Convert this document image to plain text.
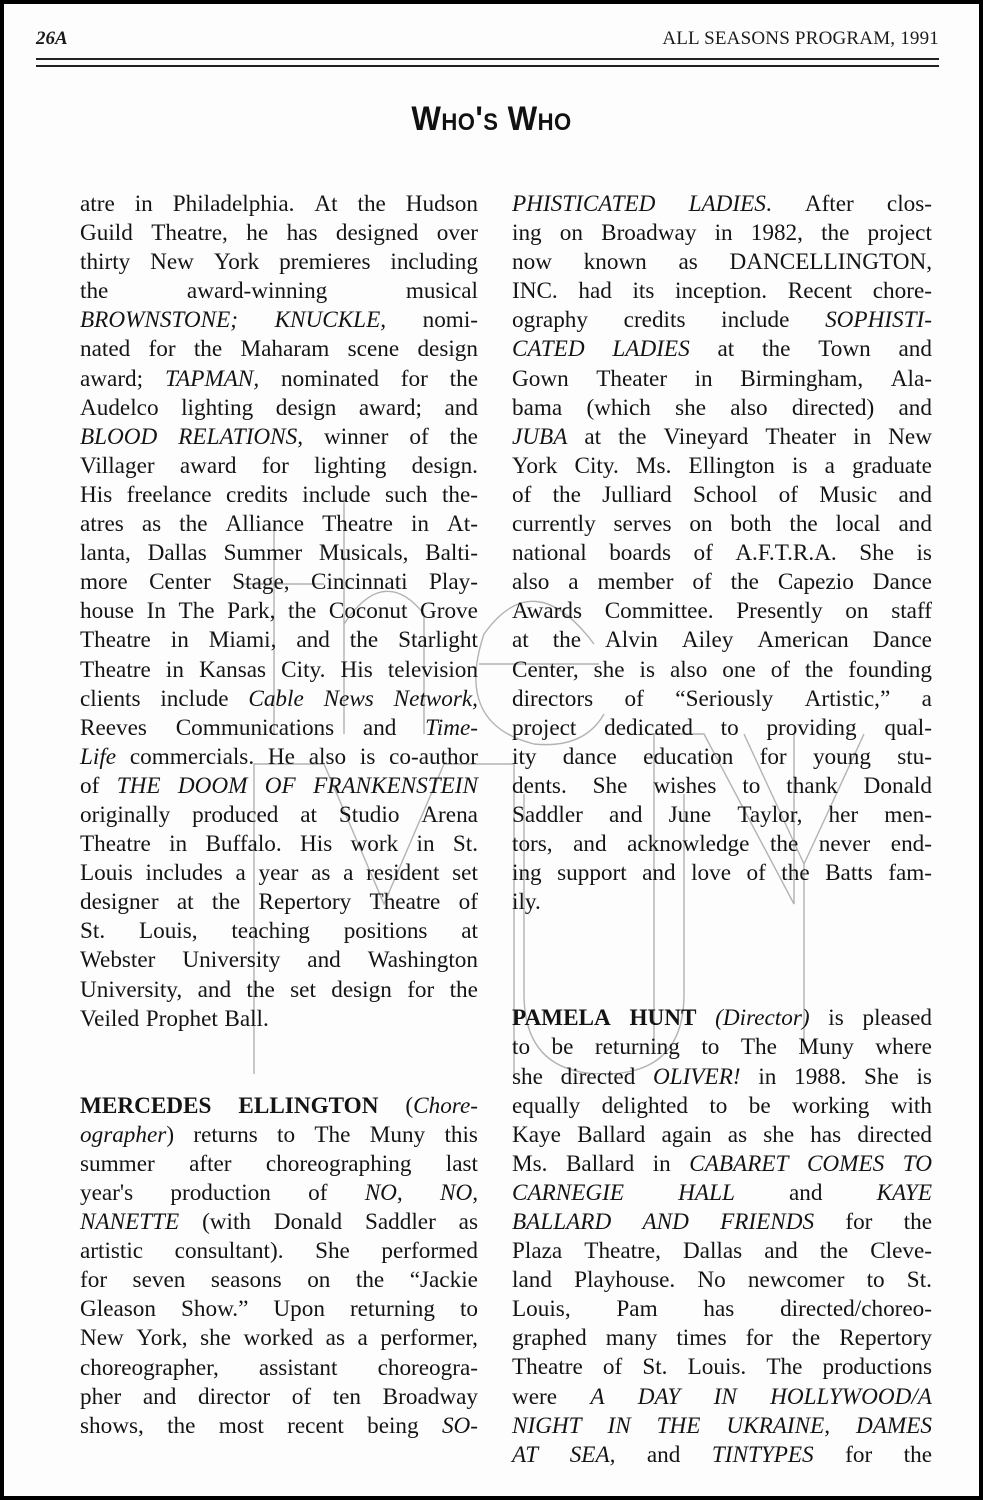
26A	ALL SEASONS PROGRAM, 1991
Who's Who
atre in Philadelphia. At the Hudson
Guild Theatre, he has designed over
thirty New York premieres including
the	award-winning	musical
BROWNSTONE; KNUCKLE, nomi-
nated for the Maharam scene design
award; TAPMAN, nominated for the
Audelco lighting design award; and
BLOOD RELATIONS, winner of the
Villager award for lighting design.
His freelance credits include such the-
atres as the Alliance Theatre in At-
lanta, Dallas Summer Musicals, Balti-
more Center Stage, Cincinnati Play-
house In The Park, the Coconut Grove
Theatre in Miami, and the Starlight
Theatre in Kansas City. His television
clients include Cable News Network,
Reeves Communications and Time-
Life commercials. He also is co-author
of THE DOOM OF FRANKENSTEIN
originally produced at Studio Arena
Theatre in Buffalo. His work in St.
Louis includes a year as a resident set
designer at the Repertory Theatre of
St. Louis, teaching positions at
Webster University and Washington
University, and the set design for the
Veiled Prophet Ball.
MERCEDES ELLINGTON (Chore-
ographer) returns to The Muny this
summer after choreographing last
year's production of NO, NO,
NANETTE (with Donald Saddler as
artistic consultant). She performed
for seven seasons on the “Jackie
Gleason Show.” Upon returning to
New York, she worked as a performer,
choreographer, assistant choreogra-
pher and director of ten Broadway
shows, the most recent being SO-
PHISTICATED LADIES. After clos-
ing on Broadway in 1982, the project
now known as DANCELLINGTON,
INC. had its inception. Recent chore-
ography credits include SOPHISTI-
CATED LADIES at the Town and
Gown Theater in Birmingham, Ala-
bama (which she also directed) and
JUBA at the Vineyard Theater in New
York City. Ms. Ellington is a graduate
of the Julliard School of Music and
currently serves on both the local and
national boards of A.F.T.R.A. She is
also a member of the Capezio Dance
Awards Committee. Presently on staff
at the Alvin Ailey American Dance
Center, she is also one of the founding
directors of “Seriously Artistic,” a
project dedicated to providing qual-
ity dance education for young stu-
dents. She wishes to thank Donald
Saddler and June Taylor, her men-
tors, and acknowledge the never end-
ing support and love of the Batts fam-
ily.
PAMELA HUNT (Director) is pleased
to be returning to The Muny where
she directed OLIVER! in 1988. She is
equally delighted to be working with
Kaye Ballard again as she has directed
Ms. Ballard in CABARET COMES TO
CARNEGIE HALL and KAYE
BALLARD AND FRIENDS for the
Plaza Theatre, Dallas and the Cleve-
land Playhouse. No newcomer to St.
Louis, Pam has directed/choreo-
graphed many times for the Repertory
Theatre of St. Louis. The productions
were A DAY IN HOLLYWOOD/A
NIGHT IN THE UKRAINE, DAMES
AT SEA, and TINTYPES for the
